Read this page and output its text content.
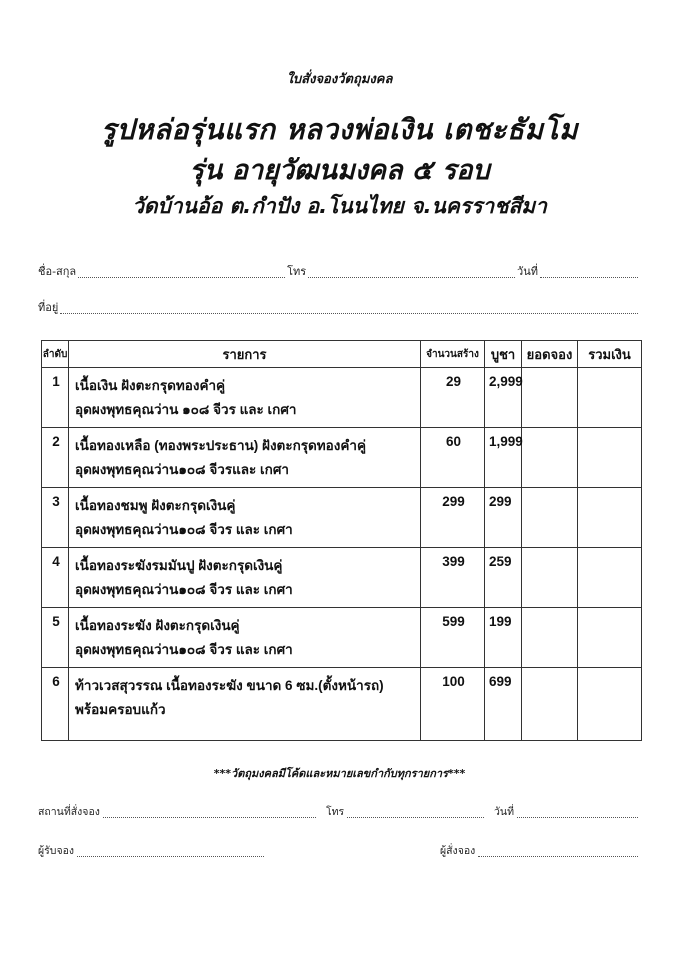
ใบสั่งจองวัตถุมงคล
รูปหล่อรุ่นแรก หลวงพ่อเงิน เตชะธัมโม
รุ่น อายุวัฒนมงคล ๕ รอบ
วัดบ้านอ้อ ต.กำปัง อ.โนนไทย จ.นครราชสีมา
ชื่อ-สกุล	โทร	วันที่
ที่อยู่
ลำดับ	รายการ	จำนวนสร้าง	บูชา	ยอดจอง	รวมเงิน
1	เนื้อเงิน ฝังตะกรุดทองคำคู่
อุดผงพุทธคุณว่าน ๑๐๘ จีวร และ เกศา	29	2,999		
2	เนื้อทองเหลือ (ทองพระประธาน) ฝังตะกรุดทองคำคู่
อุดผงพุทธคุณว่าน๑๐๘ จีวรและ เกศา	60	1,999		
3	เนื้อทองชมพู ฝังตะกรุดเงินคู่
อุดผงพุทธคุณว่าน๑๐๘ จีวร และ เกศา	299	299		
4	เนื้อทองระฆังรมมันปู ฝังตะกรุดเงินคู่
อุดผงพุทธคุณว่าน๑๐๘ จีวร และ เกศา	399	259		
5	เนื้อทองระฆัง ฝังตะกรุดเงินคู่
อุดผงพุทธคุณว่าน๑๐๘ จีวร และ เกศา	599	199		
6	ท้าวเวสสุวรรณ เนื้อทองระฆัง ขนาด 6 ซม.(ตั้งหน้ารถ)
พร้อมครอบแก้ว	100	699		
***วัตถุมงคลมีโค้ดและหมายเลขกำกับทุกรายการ***
สถานที่สั่งจอง	โทร	วันที่
ผู้รับจอง	ผู้สั่งจอง
